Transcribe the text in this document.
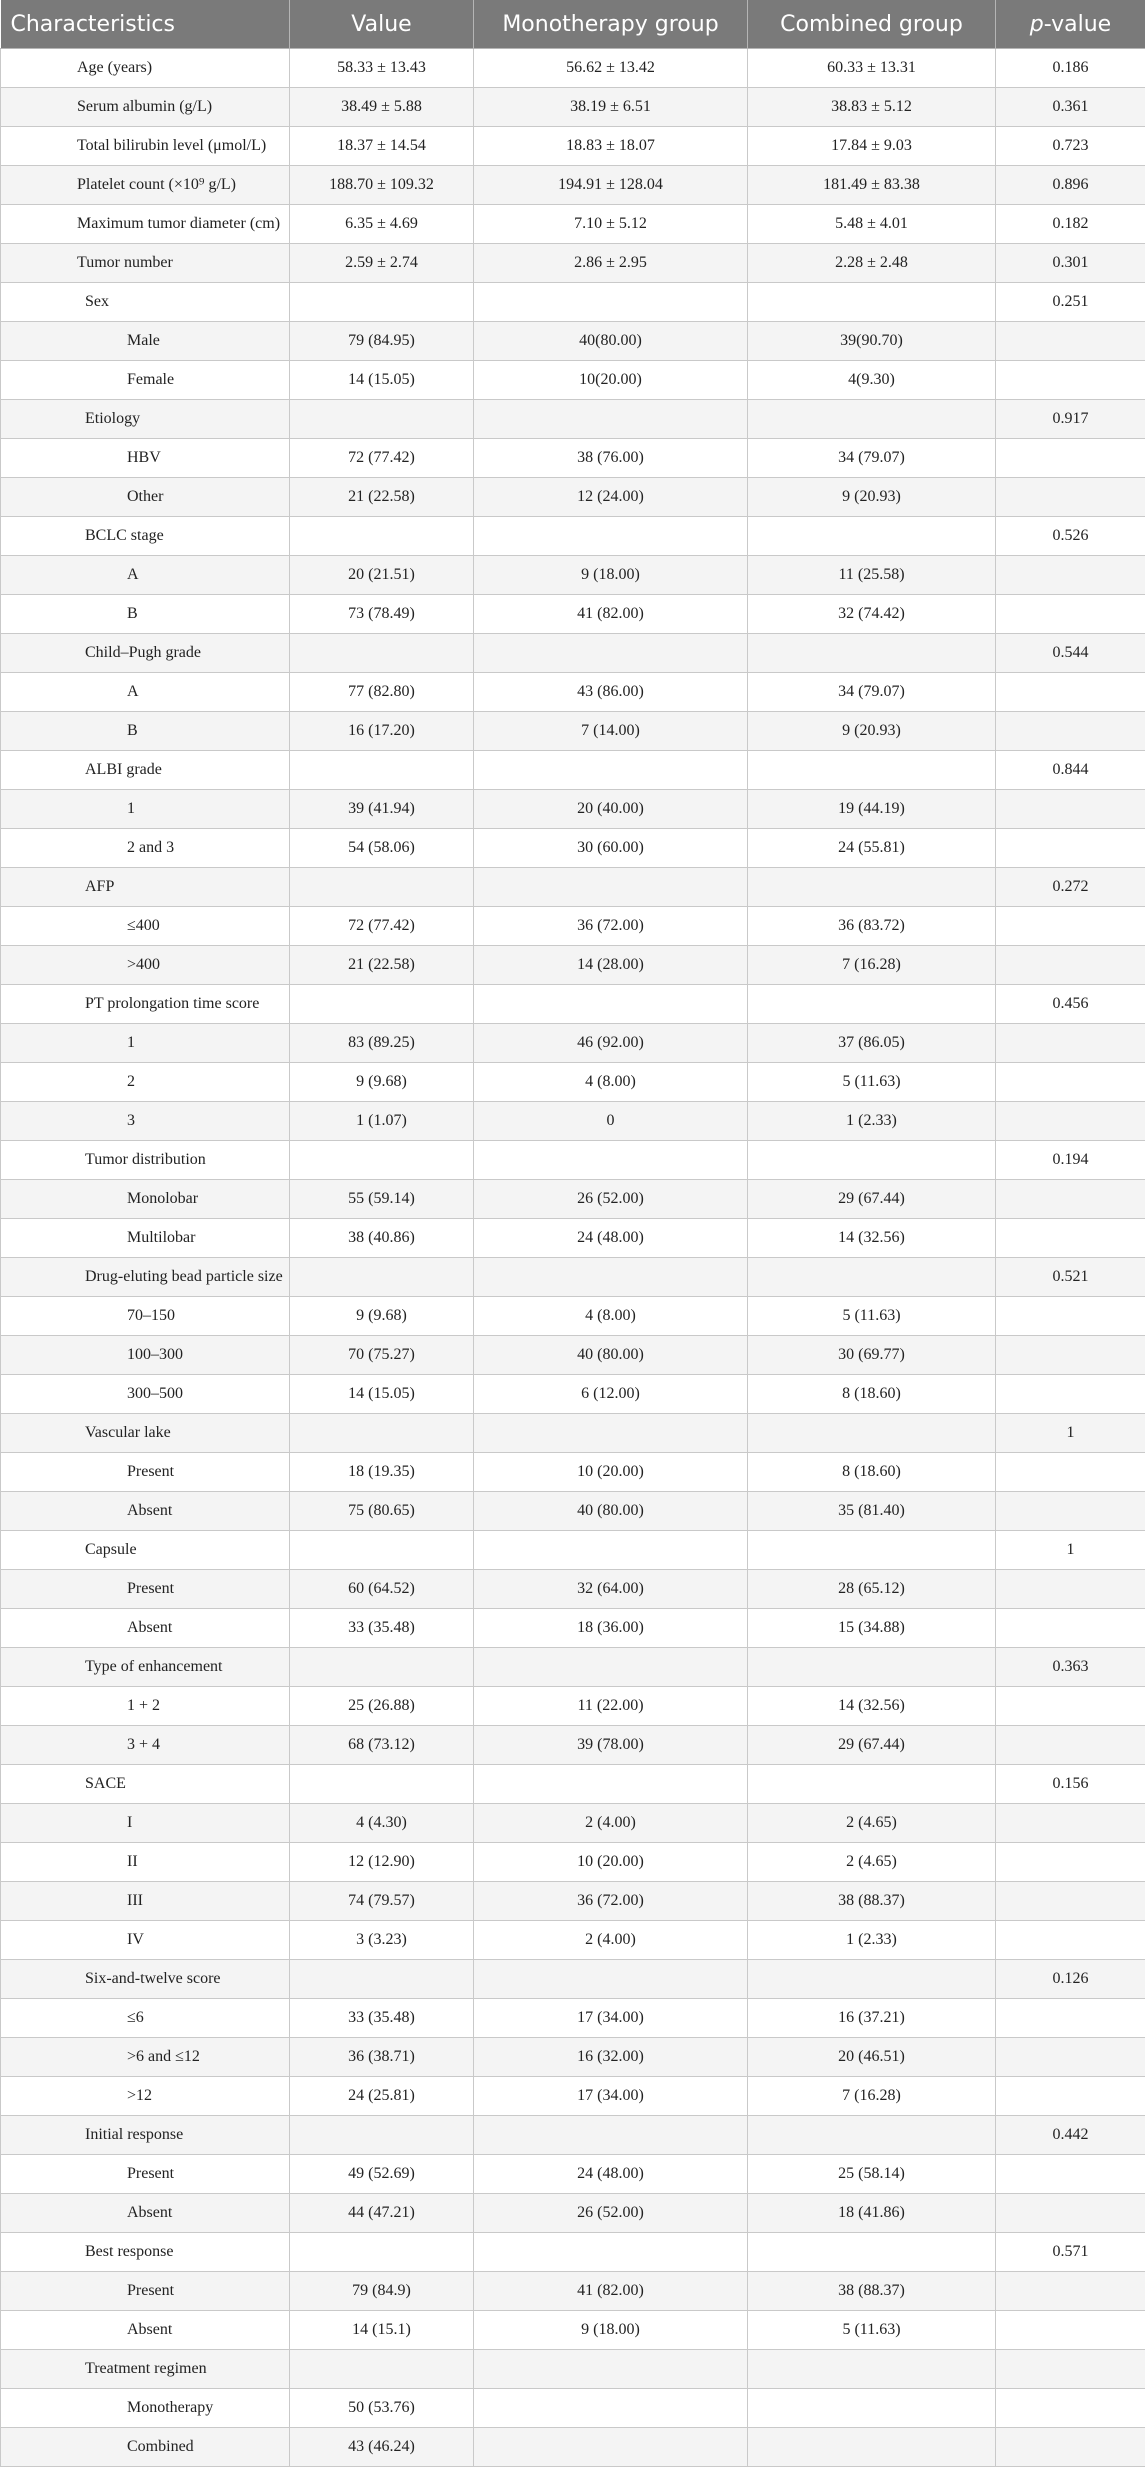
Characteristics	Value	Monotherapy group	Combined group	p-value
Age (years)	58.33 ± 13.43	56.62 ± 13.42	60.33 ± 13.31	0.186
Serum albumin (g/L)	38.49 ± 5.88	38.19 ± 6.51	38.83 ± 5.12	0.361
Total bilirubin level (μmol/L)	18.37 ± 14.54	18.83 ± 18.07	17.84 ± 9.03	0.723
Platelet count (×10⁹ g/L)	188.70 ± 109.32	194.91 ± 128.04	181.49 ± 83.38	0.896
Maximum tumor diameter (cm)	6.35 ± 4.69	7.10 ± 5.12	5.48 ± 4.01	0.182
Tumor number	2.59 ± 2.74	2.86 ± 2.95	2.28 ± 2.48	0.301
Sex				0.251
Male	79 (84.95)	40(80.00)	39(90.70)	
Female	14 (15.05)	10(20.00)	4(9.30)	
Etiology				0.917
HBV	72 (77.42)	38 (76.00)	34 (79.07)	
Other	21 (22.58)	12 (24.00)	9 (20.93)	
BCLC stage				0.526
A	20 (21.51)	9 (18.00)	11 (25.58)	
B	73 (78.49)	41 (82.00)	32 (74.42)	
Child–Pugh grade				0.544
A	77 (82.80)	43 (86.00)	34 (79.07)	
B	16 (17.20)	7 (14.00)	9 (20.93)	
ALBI grade				0.844
1	39 (41.94)	20 (40.00)	19 (44.19)	
2 and 3	54 (58.06)	30 (60.00)	24 (55.81)	
AFP				0.272
≤400	72 (77.42)	36 (72.00)	36 (83.72)	
>400	21 (22.58)	14 (28.00)	7 (16.28)	
PT prolongation time score				0.456
1	83 (89.25)	46 (92.00)	37 (86.05)	
2	9 (9.68)	4 (8.00)	5 (11.63)	
3	1 (1.07)	0	1 (2.33)	
Tumor distribution				0.194
Monolobar	55 (59.14)	26 (52.00)	29 (67.44)	
Multilobar	38 (40.86)	24 (48.00)	14 (32.56)	
Drug-eluting bead particle size				0.521
70–150	9 (9.68)	4 (8.00)	5 (11.63)	
100–300	70 (75.27)	40 (80.00)	30 (69.77)	
300–500	14 (15.05)	6 (12.00)	8 (18.60)	
Vascular lake				1
Present	18 (19.35)	10 (20.00)	8 (18.60)	
Absent	75 (80.65)	40 (80.00)	35 (81.40)	
Capsule				1
Present	60 (64.52)	32 (64.00)	28 (65.12)	
Absent	33 (35.48)	18 (36.00)	15 (34.88)	
Type of enhancement				0.363
1 + 2	25 (26.88)	11 (22.00)	14 (32.56)	
3 + 4	68 (73.12)	39 (78.00)	29 (67.44)	
SACE				0.156
I	4 (4.30)	2 (4.00)	2 (4.65)	
II	12 (12.90)	10 (20.00)	2 (4.65)	
III	74 (79.57)	36 (72.00)	38 (88.37)	
IV	3 (3.23)	2 (4.00)	1 (2.33)	
Six-and-twelve score				0.126
≤6	33 (35.48)	17 (34.00)	16 (37.21)	
>6 and ≤12	36 (38.71)	16 (32.00)	20 (46.51)	
>12	24 (25.81)	17 (34.00)	7 (16.28)	
Initial response				0.442
Present	49 (52.69)	24 (48.00)	25 (58.14)	
Absent	44 (47.21)	26 (52.00)	18 (41.86)	
Best response				0.571
Present	79 (84.9)	41 (82.00)	38 (88.37)	
Absent	14 (15.1)	9 (18.00)	5 (11.63)	
Treatment regimen				
Monotherapy	50 (53.76)			
Combined	43 (46.24)			
